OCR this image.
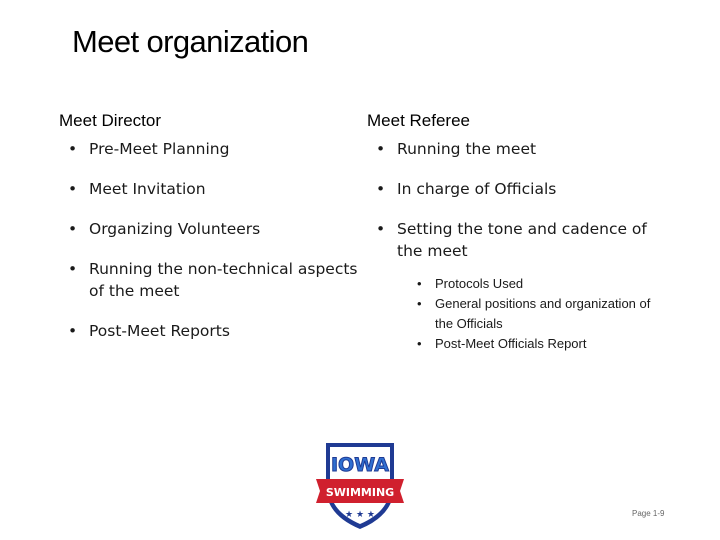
Meet organization
Meet Director
• Pre-Meet Planning
• Meet Invitation
• Organizing Volunteers
• Running the non-technical aspects of the meet
• Post-Meet Reports
Meet Referee
• Running the meet
• In charge of Officials
• Setting the tone and cadence of the meet
• Protocols Used
• General positions and organization of the Officials
• Post-Meet Officials Report
IOWA
SWIMMING
★ ★ ★	Page 1-9
